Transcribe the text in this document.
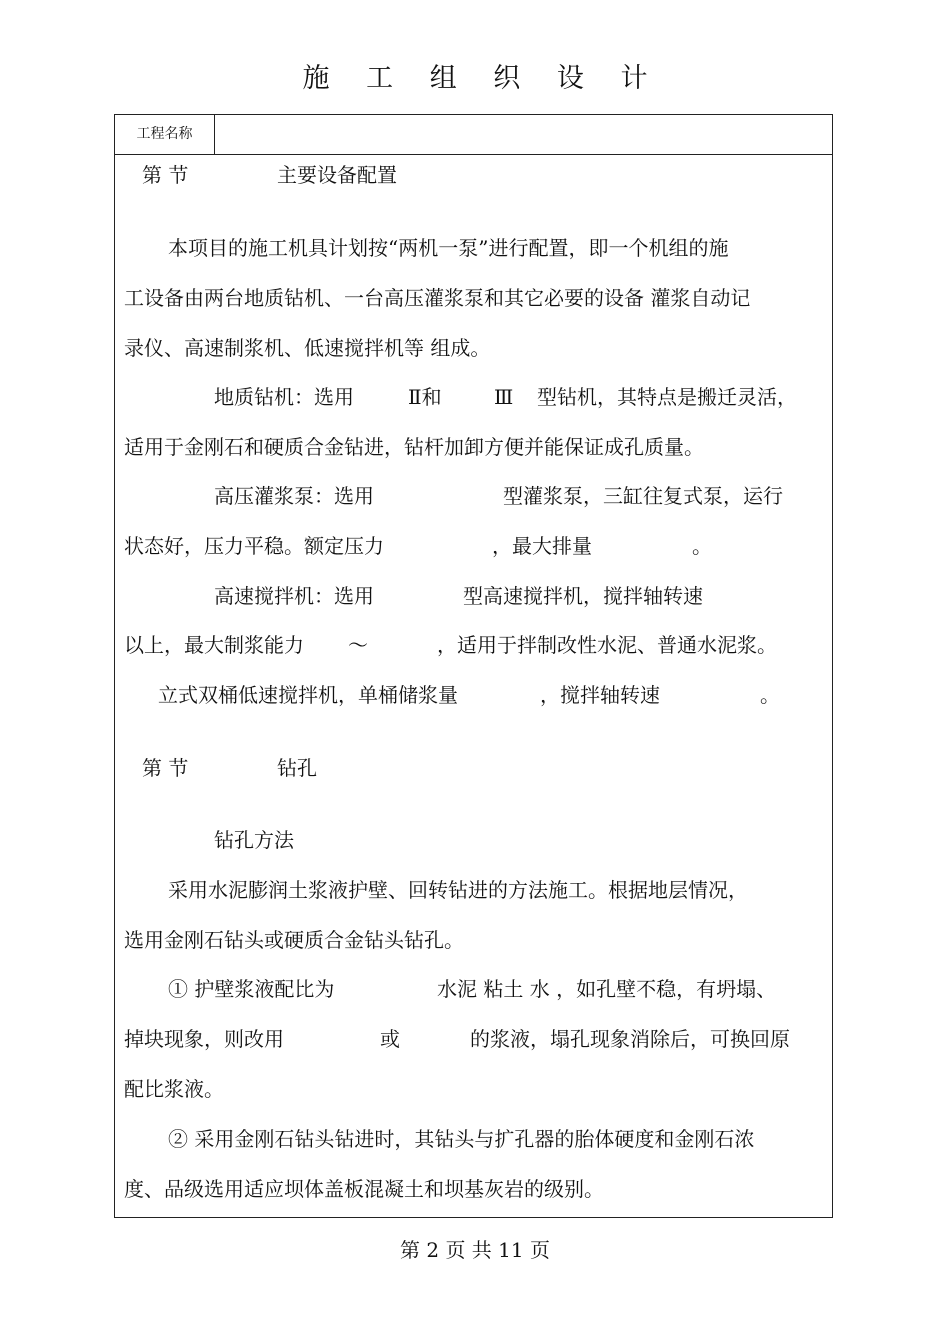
施 工 组 织 设 计
工程名称
第 节	主要设备配置
本项目的施工机具计划按“两机一泵”进行配置，即一个机组的施
工设备由两台地质钻机、一台高压灌浆泵和其它必要的设备 灌浆自动记
录仪、高速制浆机、低速搅拌机等 组成。
地质钻机：选用	Ⅱ和	Ⅲ 型钻机，其特点是搬迁灵活，
适用于金刚石和硬质合金钻进，钻杆加卸方便并能保证成孔质量。
高压灌浆泵：选用	型灌浆泵，三缸往复式泵，运行
状态好，压力平稳。额定压力	，最大排量	。
高速搅拌机：选用	型高速搅拌机，搅拌轴转速
以上，最大制浆能力 ～	，适用于拌制改性水泥、普通水泥浆。
立式双桶低速搅拌机，单桶储浆量	，搅拌轴转速	。
第 节	钻孔
钻孔方法
采用水泥膨润土浆液护壁、回转钻进的方法施工。根据地层情况，
选用金刚石钻头或硬质合金钻头钻孔。
① 护壁浆液配比为	水泥 粘土 水 ，如孔壁不稳，有坍塌、
掉块现象，则改用	或	的浆液，塌孔现象消除后，可换回原
配比浆液。
② 采用金刚石钻头钻进时，其钻头与扩孔器的胎体硬度和金刚石浓
度、品级选用适应坝体盖板混凝土和坝基灰岩的级别。
第 2 页 共 11 页
